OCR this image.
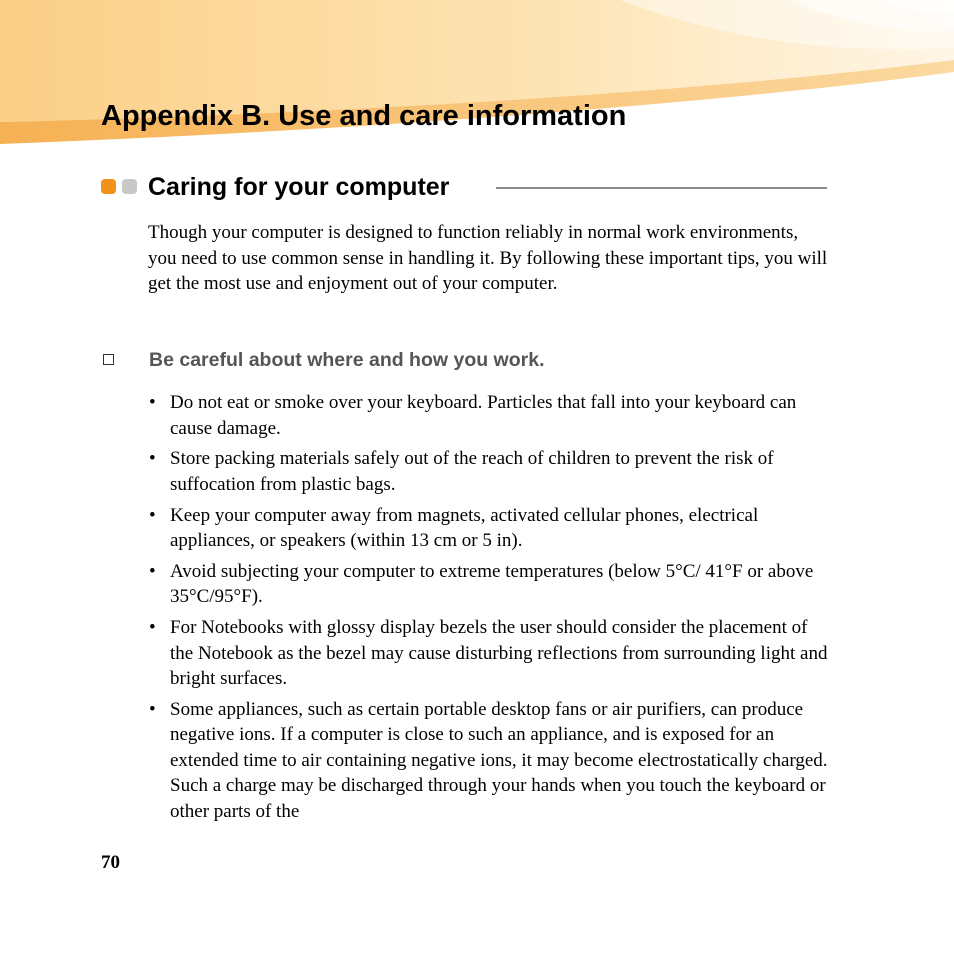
Appendix B. Use and care information
Caring for your computer

Though your computer is designed to function reliably in normal work environments, you need to use common sense in handling it. By following these important tips, you will get the most use and enjoyment out of your computer.

Be careful about where and how you work.
• Do not eat or smoke over your keyboard. Particles that fall into your keyboard can cause damage.
• Store packing materials safely out of the reach of children to prevent the risk of suffocation from plastic bags.
• Keep your computer away from magnets, activated cellular phones, electrical appliances, or speakers (within 13 cm or 5 in).
• Avoid subjecting your computer to extreme temperatures (below 5°C/ 41°F or above 35°C/95°F).
• For Notebooks with glossy display bezels the user should consider the placement of the Notebook as the bezel may cause disturbing reflections from surrounding light and bright surfaces.
• Some appliances, such as certain portable desktop fans or air purifiers, can produce negative ions. If a computer is close to such an appliance, and is exposed for an extended time to air containing negative ions, it may become electrostatically charged. Such a charge may be discharged through your hands when you touch the keyboard or other parts of the
70
